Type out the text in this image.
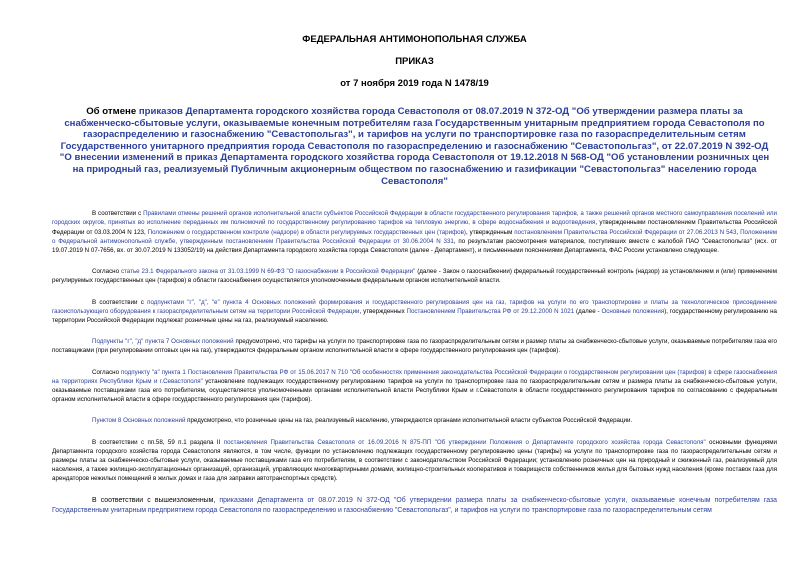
ФЕДЕРАЛЬНАЯ АНТИМОНОПОЛЬНАЯ СЛУЖБА
ПРИКАЗ
от 7 ноября 2019 года N 1478/19
Об отмене приказов Департамента городского хозяйства города Севастополя от 08.07.2019 N 372-ОД "Об утверждении размера платы за снабженческо-сбытовые услуги, оказываемые конечным потребителям газа Государственным унитарным предприятием города Севастополя по газораспределению и газоснабжению "Севастопольгаз", и тарифов на услуги по транспортировке газа по газораспределительным сетям Государственного унитарного предприятия города Севастополя по газораспределению и газоснабжению "Севастопольгаз", от 22.07.2019 N 392-ОД "О внесении изменений в приказ Департамента городского хозяйства города Севастополя от 19.12.2018 N 568-ОД "Об установлении розничных цен на природный газ, реализуемый Публичным акционерным обществом по газоснабжению и газификации "Севастопольгаз" населению города Севастополя"

В соответствии с Правилами отмены решений органов исполнительной власти субъектов Российской Федерации в области государственного регулирования тарифов, а также решений органов местного самоуправления поселений или городских округов, принятых во исполнение переданных им полномочий по государственному регулированию тарифов на тепловую энергию, в сфере водоснабжения и водоотведения, утвержденными постановлением Правительства Российской Федерации от 03.03.2004 N 123, Положением о государственном контроле (надзоре) в области регулируемых государственных цен (тарифов), утвержденным постановлением Правительства Российской Федерации от 27.06.2013 N 543, Положением о Федеральной антимонопольной службе, утвержденным постановлением Правительства Российской Федерации от 30.06.2004 N 331, по результатам рассмотрения материалов, поступивших вместе с жалобой ПАО "Севастопольгаз" (исх. от 19.07.2019 N 07-7656, вх. от 30.07.2019 N 133052/19) на действия Департамента городского хозяйства города Севастополя (далее - Департамент), и письменными пояснениями Департамента, ФАС России установлено следующее.

Согласно статье 23.1 Федерального закона от 31.03.1999 N 69-ФЗ "О газоснабжении в Российской Федерации" (далее - Закон о газоснабжении) федеральный государственный контроль (надзор) за установлением и (или) применением регулируемых государственных цен (тарифов) в области газоснабжения осуществляется уполномоченным федеральным органом исполнительной власти.

В соответствии с подпунктами "г", "д", "е" пункта 4 Основных положений формирования и государственного регулирования цен на газ, тарифов на услуги по его транспортировке и платы за технологическое присоединение газоиспользующего оборудования к газораспределительным сетям на территории Российской Федерации, утвержденных Постановлением Правительства РФ от 29.12.2000 N 1021 (далее - Основные положения), государственному регулированию на территории Российской Федерации подлежат розничные цены на газ, реализуемый населению.

Подпункты "г", "д" пункта 7 Основных положений предусмотрено, что тарифы на услуги по транспортировке газа по газораспределительным сетям и размер платы за снабженческо-сбытовые услуги, оказываемые потребителям газа его поставщиками (при регулировании оптовых цен на газ), утверждаются федеральным органом исполнительной власти в сфере государственного регулирования цен (тарифов).

Согласно подпункту "а" пункта 1 Постановления Правительства РФ от 15.06.2017 N 710 "Об особенностях применения законодательства Российской Федерации о государственном регулировании цен (тарифов) в сфере газоснабжения на территориях Республики Крым и г.Севастополя" установление подлежащих государственному регулированию тарифов на услуги по транспортировке газа по газораспределительным сетям и размера платы за снабженческо-сбытовые услуги, оказываемые поставщиками газа его потребителям, осуществляется уполномоченными органами исполнительной власти Республики Крым и г.Севастополя в области государственного регулирования тарифов по согласованию с федеральным органом исполнительной власти в сфере государственного регулирования цен (тарифов).

Пунктом 8 Основных положений предусмотрено, что розничные цены на газ, реализуемый населению, утверждаются органами исполнительной власти субъектов Российской Федерации.

В соответствии с пп.58, 59 п.1 раздела II постановления Правительства Севастополя от 16.09.2016 N 875-ПП "Об утверждении Положения о Департаменте городского хозяйства города Севастополя" основными функциями Департамента городского хозяйства города Севастополя являются, в том числе, функции по установлению подлежащих государственному регулированию цены (тарифы) на услуги по транспортировке газа по газораспределительным сетям и размеры платы за снабженческо-сбытовые услуги, оказываемые поставщиками газа его потребителям, в соответствии с законодательством Российской Федерации; установлению розничных цен на природный и сжиженный газ, реализуемый для населения, а также жилищно-эксплуатационных организаций, организаций, управляющих многоквартирными домами, жилищно-строительных кооперативов и товариществ собственников жилья для бытовых нужд населения (кроме поставок газа для арендаторов нежилых помещений в жилых домах и газа для заправки автотранспортных средств).

В соответствии с вышеизложенным, приказами Департамента от 08.07.2019 N 372-ОД "Об утверждении размера платы за снабженческо-сбытовые услуги, оказываемые конечным потребителям газа Государственным унитарным предприятием города Севастополя по газораспределению и газоснабжению "Севастопольгаз", и тарифов на услуги по транспортировке газа по газораспределительным сетям
